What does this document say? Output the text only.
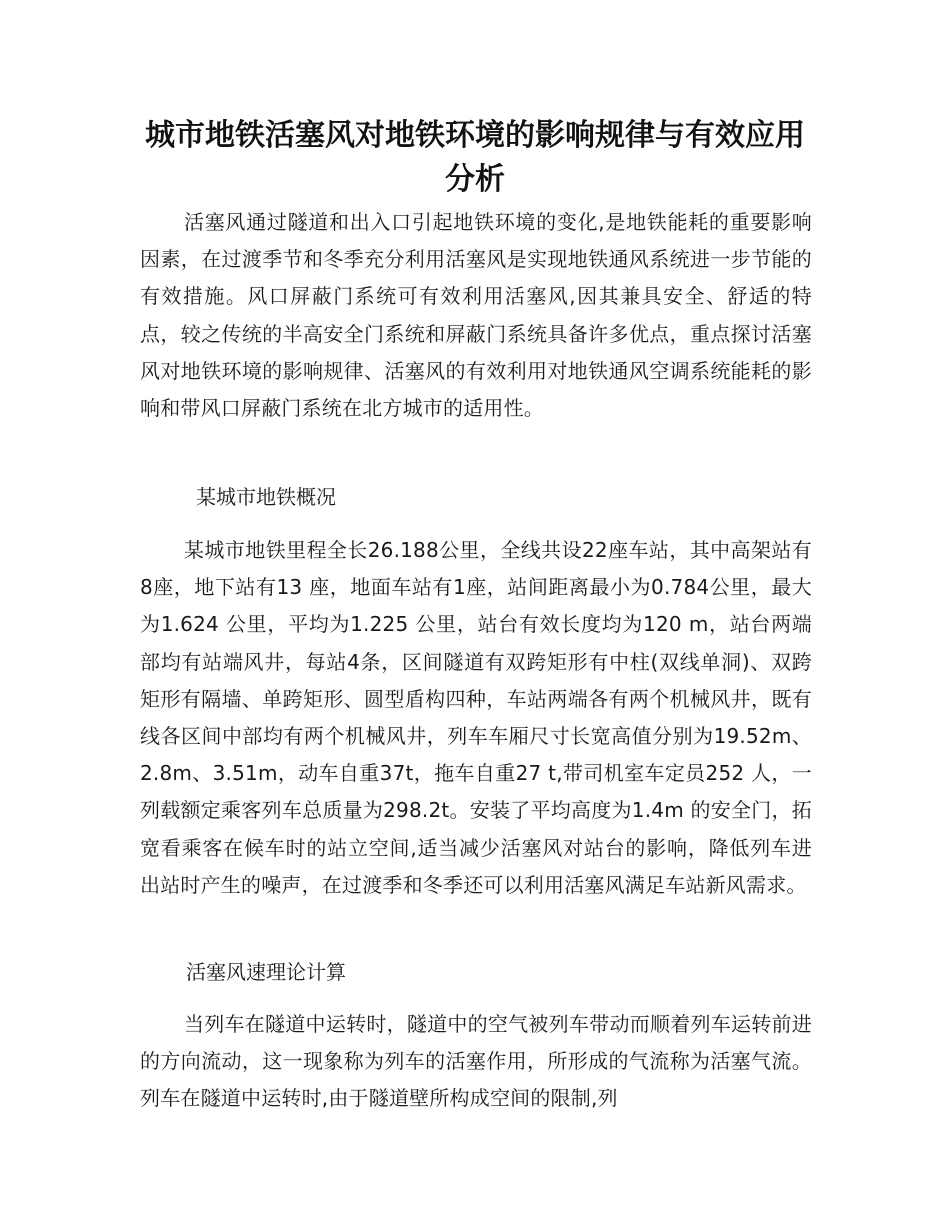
城市地铁活塞风对地铁环境的影响规律与有效应用分析

活塞风通过隧道和出入口引起地铁环境的变化,是地铁能耗的重要影响因素，在过渡季节和冬季充分利用活塞风是实现地铁通风系统进一步节能的有效措施。风口屏蔽门系统可有效利用活塞风,因其兼具安全、舒适的特点，较之传统的半高安全门系统和屏蔽门系统具备许多优点，重点探讨活塞风对地铁环境的影响规律、活塞风的有效利用对地铁通风空调系统能耗的影响和带风口屏蔽门系统在北方城市的适用性。

某城市地铁概况

某城市地铁里程全长26.188公里，全线共设22座车站，其中高架站有8座，地下站有13 座，地面车站有1座，站间距离最小为0.784公里，最大为1.624 公里，平均为1.225 公里，站台有效长度均为120 m，站台两端部均有站端风井，每站4条，区间隧道有双跨矩形有中柱(双线单洞)、双跨矩形有隔墙、单跨矩形、圆型盾构四种，车站两端各有两个机械风井，既有线各区间中部均有两个机械风井，列车车厢尺寸长宽高值分别为19.52m、2.8m、3.51m，动车自重37t，拖车自重27 t,带司机室车定员252 人，一列载额定乘客列车总质量为298.2t。安装了平均高度为1.4m 的安全门，拓宽看乘客在候车时的站立空间,适当减少活塞风对站台的影响，降低列车进出站时产生的噪声，在过渡季和冬季还可以利用活塞风满足车站新风需求。

活塞风速理论计算

当列车在隧道中运转时，隧道中的空气被列车带动而顺着列车运转前进的方向流动，这一现象称为列车的活塞作用，所形成的气流称为活塞气流。列车在隧道中运转时,由于隧道壁所构成空间的限制,列
